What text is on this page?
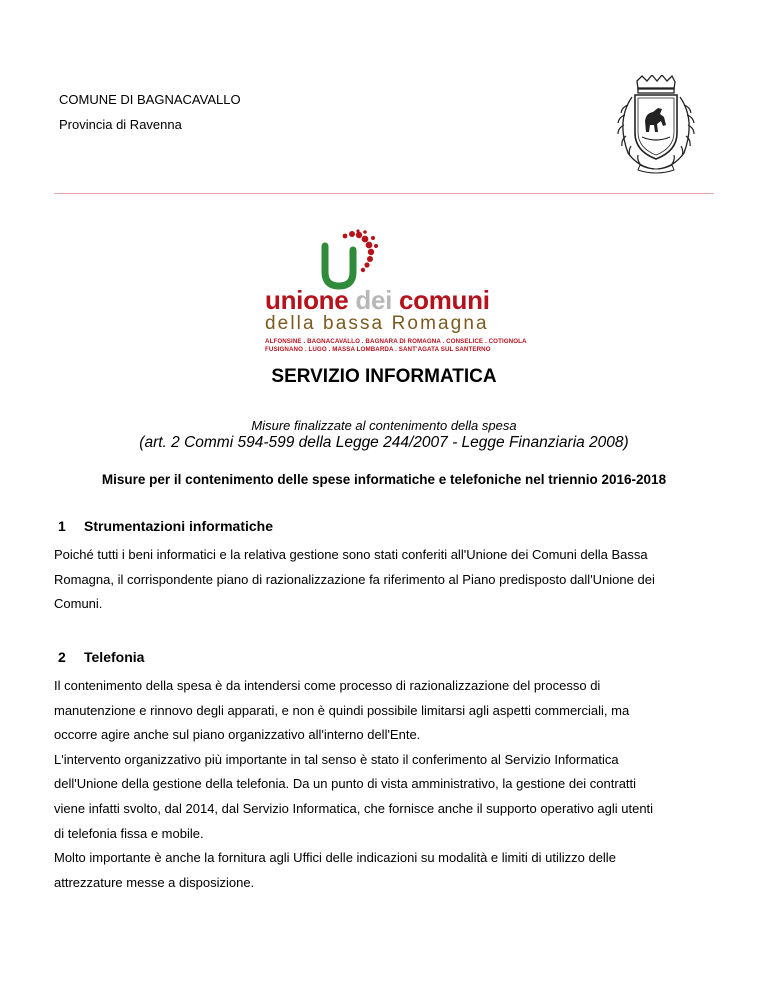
COMUNE DI BAGNACAVALLO
Provincia di Ravenna
unione dei comuni
della bassa Romagna
ALFONSINE . BAGNACAVALLO . BAGNARA DI ROMAGNA . CONSELICE . COTIGNOLA
FUSIGNANO . LUGO . MASSA LOMBARDA . SANT'AGATA SUL SANTERNO
SERVIZIO INFORMATICA
Misure finalizzate al contenimento della spesa
(art. 2 Commi 594-599 della Legge 244/2007 - Legge Finanziaria 2008)
Misure per il contenimento delle spese informatiche e telefoniche nel triennio 2016-2018
1 Strumentazioni informatiche
Poiché tutti i beni informatici e la relativa gestione sono stati conferiti all'Unione dei Comuni della Bassa
Romagna, il corrispondente piano di razionalizzazione fa riferimento al Piano predisposto dall'Unione dei
Comuni.
2 Telefonia
Il contenimento della spesa è da intendersi come processo di razionalizzazione del processo di
manutenzione e rinnovo degli apparati, e non è quindi possibile limitarsi agli aspetti commerciali, ma
occorre agire anche sul piano organizzativo all'interno dell'Ente.
L'intervento organizzativo più importante in tal senso è stato il conferimento al Servizio Informatica
dell'Unione della gestione della telefonia. Da un punto di vista amministrativo, la gestione dei contratti
viene infatti svolto, dal 2014, dal Servizio Informatica, che fornisce anche il supporto operativo agli utenti
di telefonia fissa e mobile.
Molto importante è anche la fornitura agli Uffici delle indicazioni su modalità e limiti di utilizzo delle
attrezzature messe a disposizione.
